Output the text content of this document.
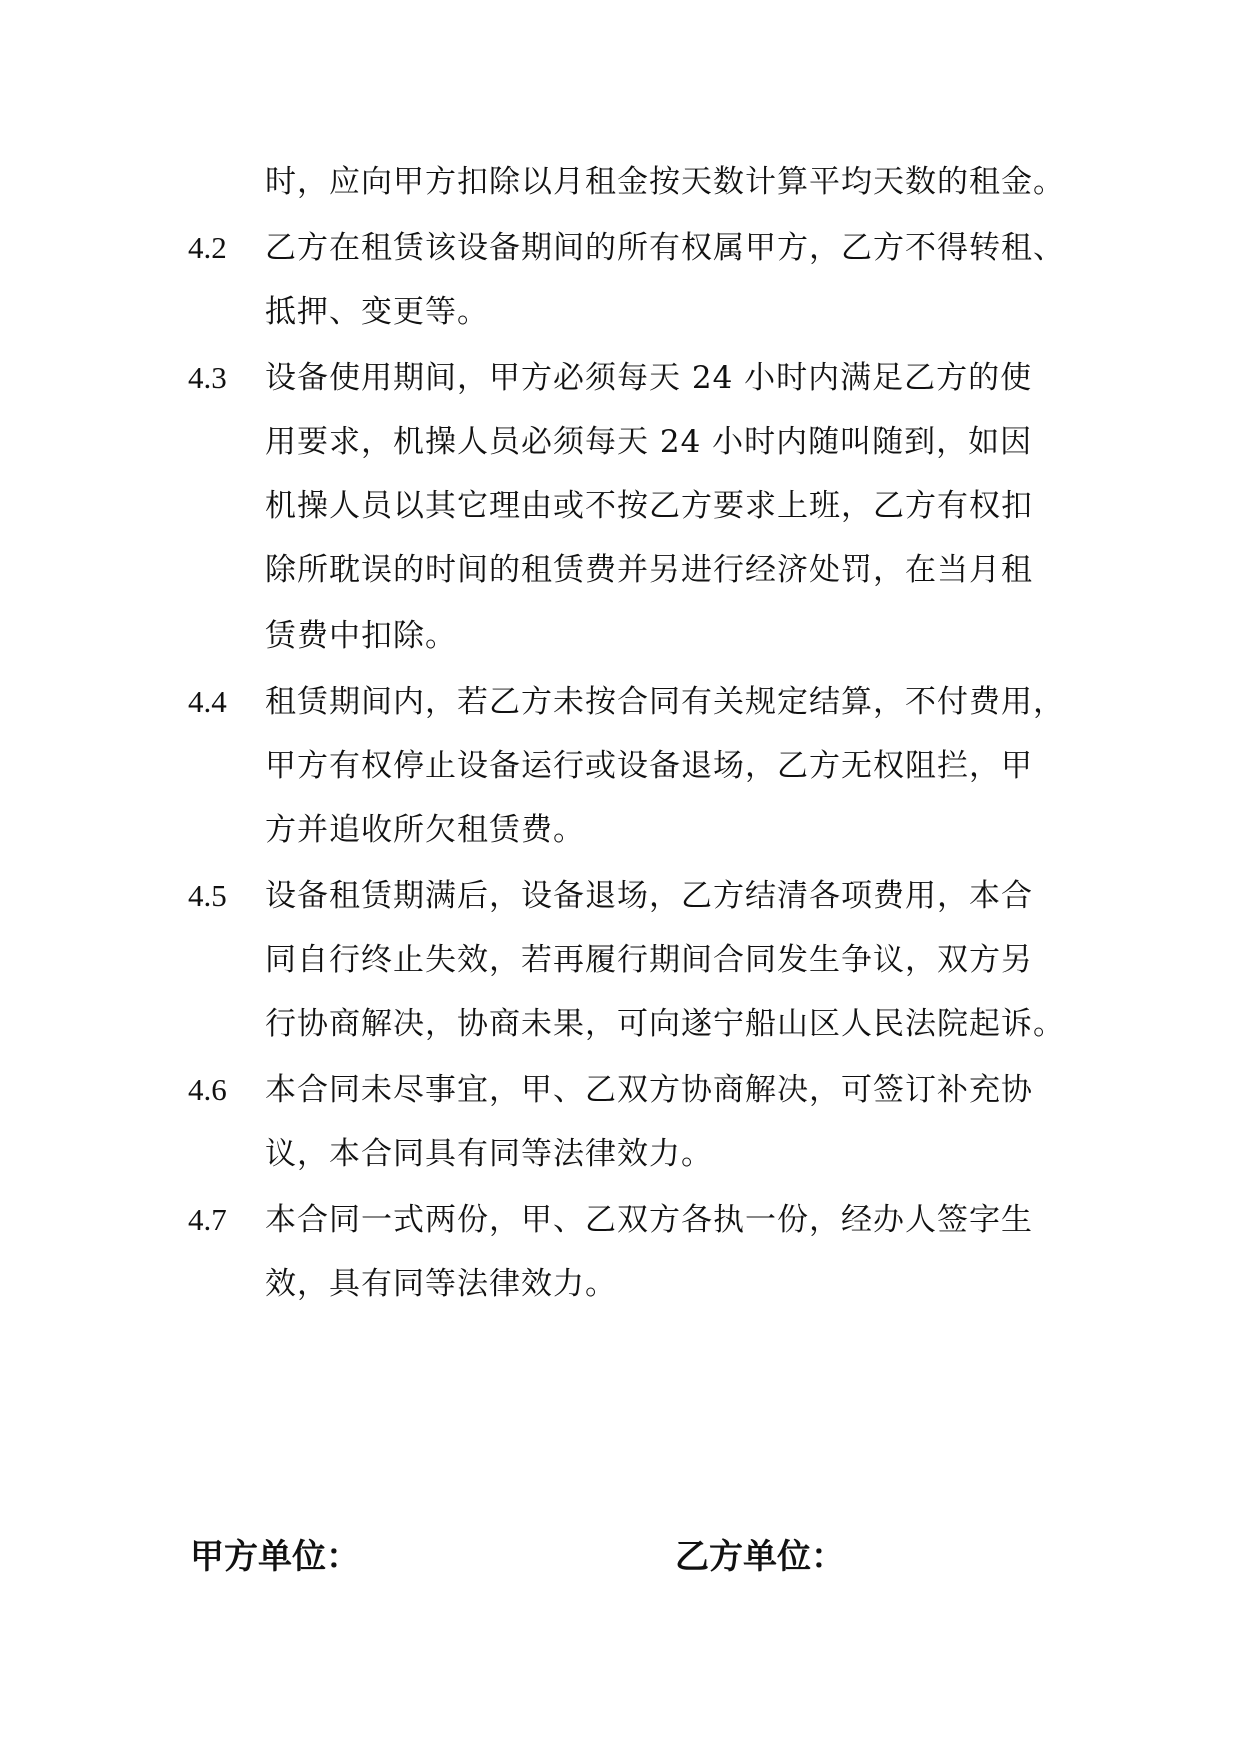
时，应向甲方扣除以月租金按天数计算平均天数的租金。
4.2 乙方在租赁该设备期间的所有权属甲方，乙方不得转租、
抵押、变更等。
4.3 设备使用期间，甲方必须每天 24 小时内满足乙方的使
用要求，机操人员必须每天 24 小时内随叫随到，如因
机操人员以其它理由或不按乙方要求上班，乙方有权扣
除所耽误的时间的租赁费并另进行经济处罚，在当月租
赁费中扣除。
4.4 租赁期间内，若乙方未按合同有关规定结算，不付费用，
甲方有权停止设备运行或设备退场，乙方无权阻拦，甲
方并追收所欠租赁费。
4.5 设备租赁期满后，设备退场，乙方结清各项费用，本合
同自行终止失效，若再履行期间合同发生争议，双方另
行协商解决，协商未果，可向遂宁船山区人民法院起诉。
4.6 本合同未尽事宜，甲、乙双方协商解决，可签订补充协
议，本合同具有同等法律效力。
4.7 本合同一式两份，甲、乙双方各执一份，经办人签字生
效，具有同等法律效力。
甲方单位：	乙方单位：
